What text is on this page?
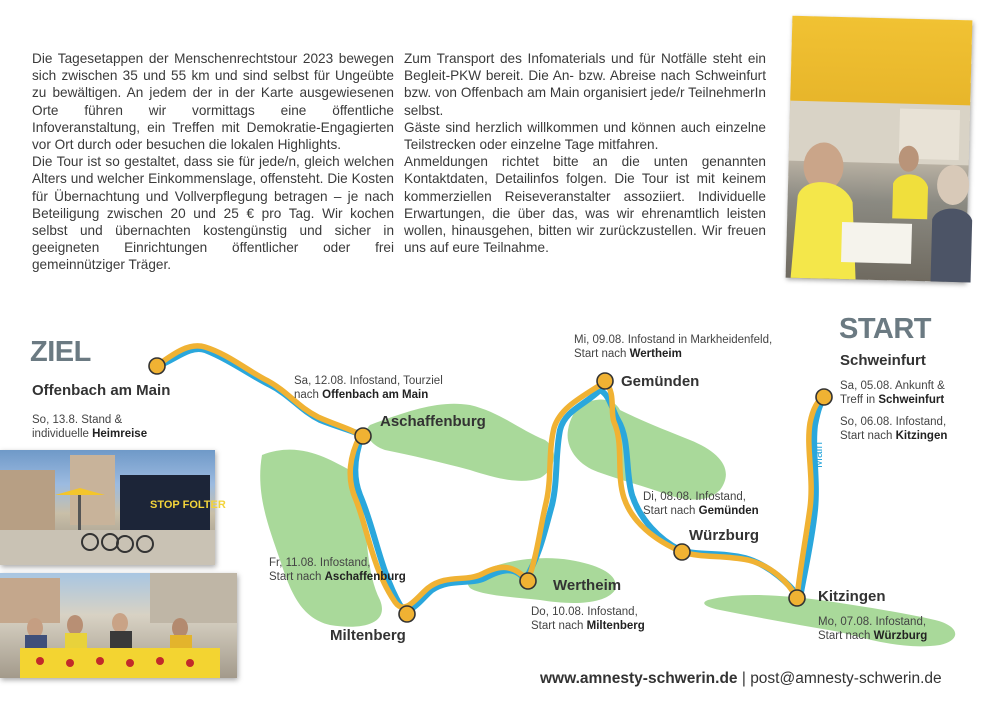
Die Tagesetappen der Menschenrechtstour 2023 bewegen sich zwischen 35 und 55 km und sind selbst für Ungeübte zu bewältigen. An jedem der in der Karte ausgewiesenen Orte führen wir vormittags eine öffentliche Infoveranstaltung, ein Treffen mit Demokratie-Engagierten vor Ort durch oder besuchen die lokalen Highlights.

Die Tour ist so gestaltet, dass sie für jede/n, gleich welchen Alters und welcher Einkommenslage, offensteht. Die Kosten für Übernachtung und Vollverpflegung betragen – je nach Beteiligung zwischen 20 und 25 € pro Tag. Wir kochen selbst und übernachten kostengünstig und sicher in geeigneten Einrichtungen öffentlicher oder frei gemeinnütziger Träger.

Zum Transport des Infomaterials und für Notfälle steht ein Begleit-PKW bereit. Die An- bzw. Abreise nach Schweinfurt bzw. von Offenbach am Main organisiert jede/r TeilnehmerIn selbst.

Gäste sind herzlich willkommen und können auch einzelne Teilstrecken oder einzelne Tage mitfahren.

Anmeldungen richtet bitte an die unten genannten Kontaktdaten, Detailinfos folgen. Die Tour ist mit keinem kommerziellen Reiseveranstalter assoziiert. Individuelle Erwartungen, die über das, was wir ehrenamtlich leisten wollen, hinausgehen, bitten wir zurückzustellen. Wir freuen uns auf eure Teilnahme.

Main
STOP FOLTER
ZIEL
Offenbach am Main
So, 13.8. Stand &
individuelle Heimreise
START
Schweinfurt
Sa, 05.08. Ankunft &
Treff in Schweinfurt
So, 06.08. Infostand,
Start nach Kitzingen
Aschaffenburg
Miltenberg
Wertheim
Gemünden
Würzburg
Kitzingen
Sa, 12.08. Infostand, Tourziel
nach Offenbach am Main
Fr, 11.08. Infostand,
Start nach Aschaffenburg
Do, 10.08. Infostand,
Start nach Miltenberg
Mi, 09.08. Infostand in Markheidenfeld,
Start nach Wertheim
Di, 08.08. Infostand,
Start nach Gemünden
Mo, 07.08. Infostand,
Start nach Würzburg
www.amnesty-schwerin.de | post@amnesty-schwerin.de
